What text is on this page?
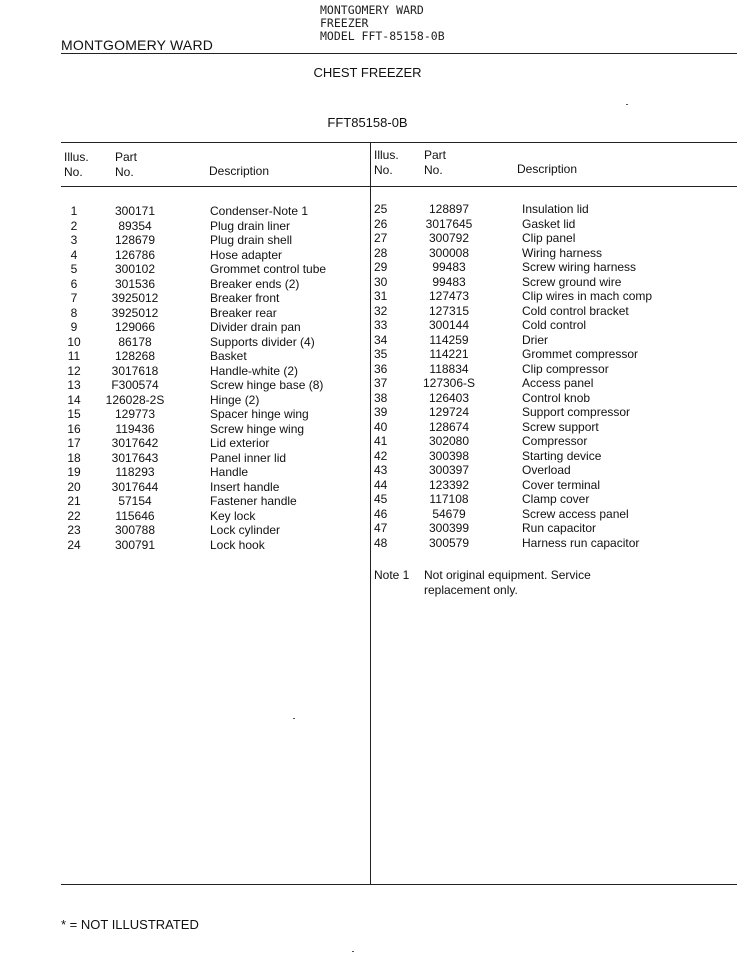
MONTGOMERY WARD
FREEZER
MODEL FFT-85158-0B
MONTGOMERY WARD
CHEST FREEZER
FFT85158-0B
Illus.
No.
Part
No.	Description
Illus.
No.
Part
No.	Description
1
2
3
4
5
6
7
8
9
10
11
12
13
14
15
16
17
18
19
20
21
22
23
24
300171
89354
128679
126786
300102
301536
3925012
3925012
129066
86178
128268
3017618
F300574
126028-2S
129773
119436
3017642
3017643
118293
3017644
57154
115646
300788
300791
Condenser-Note 1
Plug drain liner
Plug drain shell
Hose adapter
Grommet control tube
Breaker ends (2)
Breaker front
Breaker rear
Divider drain pan
Supports divider (4)
Basket
Handle-white (2)
Screw hinge base (8)
Hinge (2)
Spacer hinge wing
Screw hinge wing
Lid exterior
Panel inner lid
Handle
Insert handle
Fastener handle
Key lock
Lock cylinder
Lock hook
25
26
27
28
29
30
31
32
33
34
35
36
37
38
39
40
41
42
43
44
45
46
47
48
128897
3017645
300792
300008
99483
99483
127473
127315
300144
114259
114221
118834
127306-S
126403
129724
128674
302080
300398
300397
123392
117108
54679
300399
300579
Insulation lid
Gasket lid
Clip panel
Wiring harness
Screw wiring harness
Screw ground wire
Clip wires in mach comp
Cold control bracket
Cold control
Drier
Grommet compressor
Clip compressor
Access panel
Control knob
Support compressor
Screw support
Compressor
Starting device
Overload
Cover terminal
Clamp cover
Screw access panel
Run capacitor
Harness run capacitor
Note 1 Not original equipment. Service replacement only.
* = NOT ILLUSTRATED
